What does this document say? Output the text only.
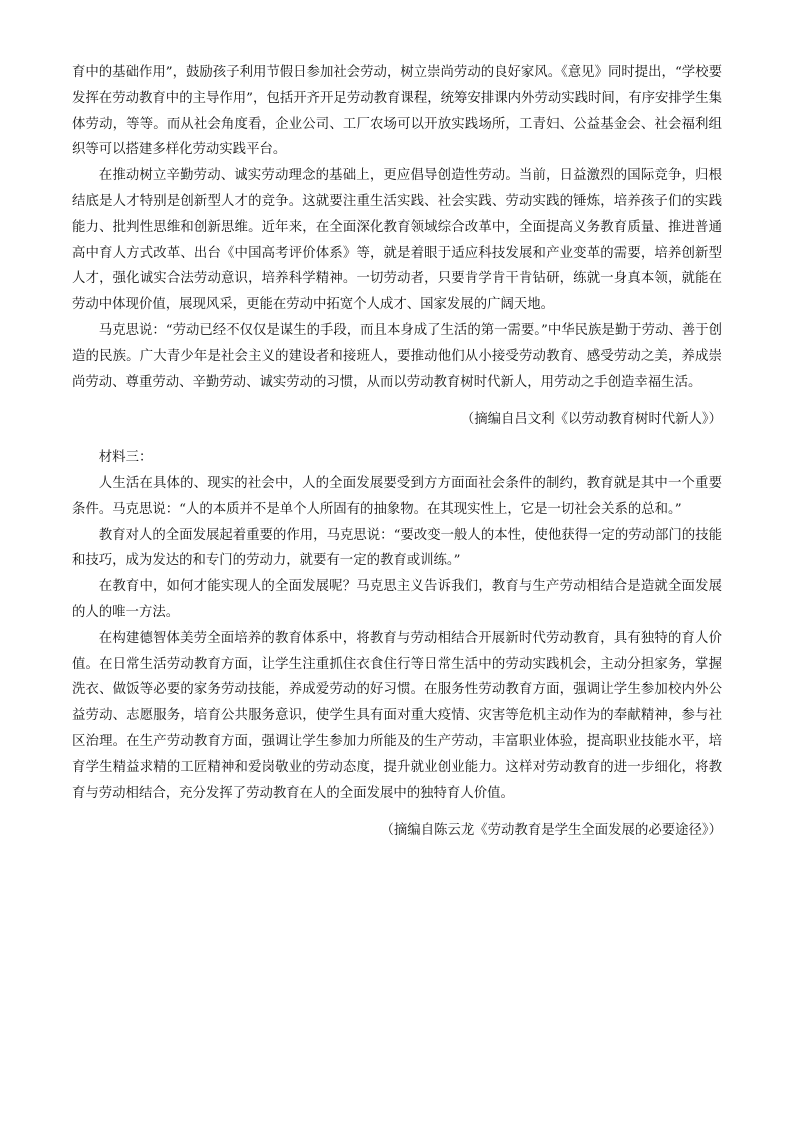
育中的基础作用”，鼓励孩子利用节假日参加社会劳动，树立崇尚劳动的良好家风。《意见》同时提出，“学校要发挥在劳动教育中的主导作用”，包括开齐开足劳动教育课程，统筹安排课内外劳动实践时间，有序安排学生集体劳动，等等。而从社会角度看，企业公司、工厂农场可以开放实践场所，工青妇、公益基金会、社会福利组织等可以搭建多样化劳动实践平台。

在推动树立辛勤劳动、诚实劳动理念的基础上，更应倡导创造性劳动。当前，日益激烈的国际竞争，归根结底是人才特别是创新型人才的竞争。这就要注重生活实践、社会实践、劳动实践的锤炼，培养孩子们的实践能力、批判性思维和创新思维。近年来，在全面深化教育领域综合改革中，全面提高义务教育质量、推进普通高中育人方式改革、出台《中国高考评价体系》等，就是着眼于适应科技发展和产业变革的需要，培养创新型人才，强化诚实合法劳动意识，培养科学精神。一切劳动者，只要肯学肯干肯钻研，练就一身真本领，就能在劳动中体现价值，展现风采，更能在劳动中拓宽个人成才、国家发展的广阔天地。

马克思说：“劳动已经不仅仅是谋生的手段，而且本身成了生活的第一需要。”中华民族是勤于劳动、善于创造的民族。广大青少年是社会主义的建设者和接班人，要推动他们从小接受劳动教育、感受劳动之美，养成崇尚劳动、尊重劳动、辛勤劳动、诚实劳动的习惯，从而以劳动教育树时代新人，用劳动之手创造幸福生活。

（摘编自吕文利《以劳动教育树时代新人》）

材料三：

人生活在具体的、现实的社会中，人的全面发展要受到方方面面社会条件的制约，教育就是其中一个重要条件。马克思说：“人的本质并不是单个人所固有的抽象物。在其现实性上，它是一切社会关系的总和。”

教育对人的全面发展起着重要的作用，马克思说：“要改变一般人的本性，使他获得一定的劳动部门的技能和技巧，成为发达的和专门的劳动力，就要有一定的教育或训练。”

在教育中，如何才能实现人的全面发展呢？马克思主义告诉我们，教育与生产劳动相结合是造就全面发展的人的唯一方法。

在构建德智体美劳全面培养的教育体系中，将教育与劳动相结合开展新时代劳动教育，具有独特的育人价值。在日常生活劳动教育方面，让学生注重抓住衣食住行等日常生活中的劳动实践机会，主动分担家务，掌握洗衣、做饭等必要的家务劳动技能，养成爱劳动的好习惯。在服务性劳动教育方面，强调让学生参加校内外公益劳动、志愿服务，培育公共服务意识，使学生具有面对重大疫情、灾害等危机主动作为的奉献精神，参与社区治理。在生产劳动教育方面，强调让学生参加力所能及的生产劳动，丰富职业体验，提高职业技能水平，培育学生精益求精的工匠精神和爱岗敬业的劳动态度，提升就业创业能力。这样对劳动教育的进一步细化，将教育与劳动相结合，充分发挥了劳动教育在人的全面发展中的独特育人价值。

（摘编自陈云龙《劳动教育是学生全面发展的必要途径》）
